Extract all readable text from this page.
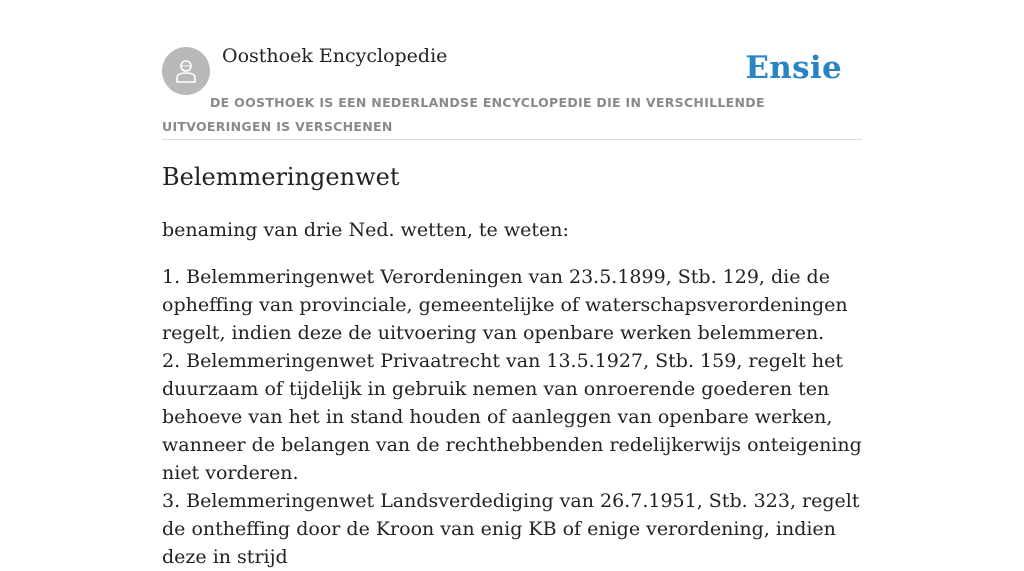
Oosthoek Encyclopedie	Ensie
DE OOSTHOEK IS EEN NEDERLANDSE ENCYCLOPEDIE DIE IN VERSCHILLENDE UITVOERINGEN IS VERSCHENEN
Belemmeringenwet

benaming van drie Ned. wetten, te weten:

1. Belemmeringenwet Verordeningen van 23.5.1899, Stb. 129, die de opheffing van provinciale, gemeentelijke of waterschapsverordeningen regelt, indien deze de uitvoering van openbare werken belemmeren.

2. Belemmeringenwet Privaatrecht van 13.5.1927, Stb. 159, regelt het duurzaam of tijdelijk in gebruik nemen van onroerende goederen ten behoeve van het in stand houden of aanleggen van openbare werken, wanneer de belangen van de rechthebbenden redelijkerwijs onteigening niet vorderen.

3. Belemmeringenwet Landsverdediging van 26.7.1951, Stb. 323, regelt de ontheffing door de Kroon van enig KB of enige verordening, indien deze in strijd
